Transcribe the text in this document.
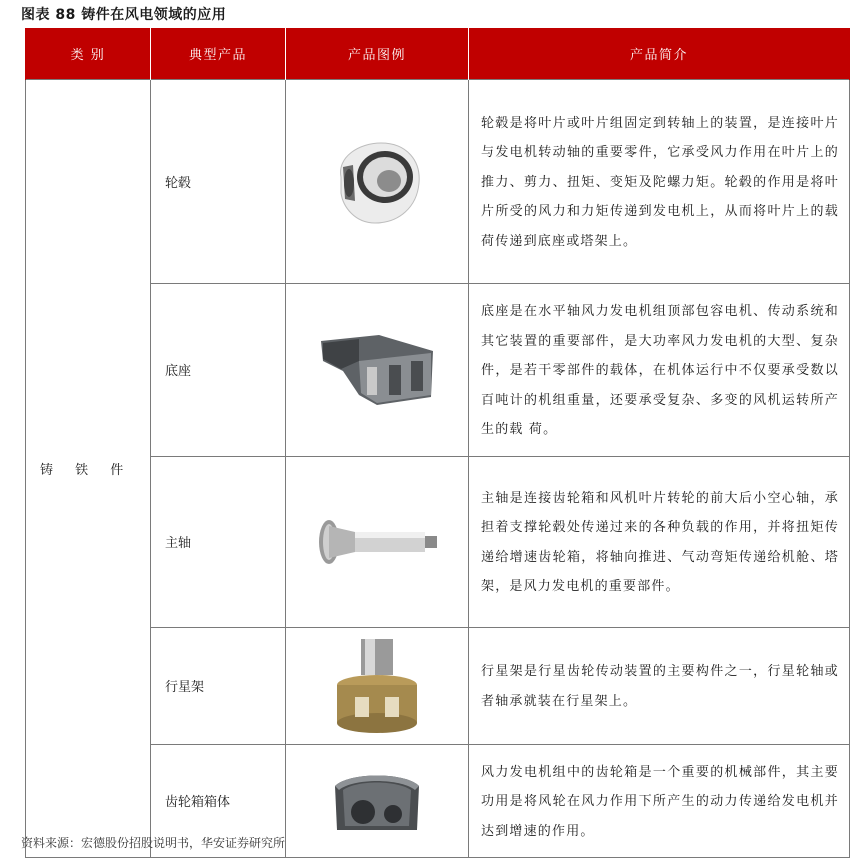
图表 88 铸件在风电领域的应用
类 别	典型产品	产品图例	产品简介
铸 铁 件	轮毂		轮毂是将叶片或叶片组固定到转轴上的装置，是连接叶片与发电机转动轴的重要零件，它承受风力作用在叶片上的推力、剪力、扭矩、变矩及陀螺力矩。轮毂的作用是将叶片所受的风力和力矩传递到发电机上，从而将叶片上的载荷传递到底座或塔架上。
	底座		底座是在水平轴风力发电机组顶部包容电机、传动系统和其它装置的重要部件，是大功率风力发电机的大型、复杂件，是若干零部件的载体，在机体运行中不仅要承受数以百吨计的机组重量，还要承受复杂、多变的风机运转所产生的载 荷。
	主轴		主轴是连接齿轮箱和风机叶片转轮的前大后小空心轴，承担着支撑轮毂处传递过来的各种负载的作用，并将扭矩传递给增速齿轮箱，将轴向推进、气动弯矩传递给机舱、塔架，是风力发电机的重要部件。
	行星架		行星架是行星齿轮传动装置的主要构件之一，行星轮轴或者轴承就装在行星架上。
	齿轮箱箱体		风力发电机组中的齿轮箱是一个重要的机械部件，其主要功用是将风轮在风力作用下所产生的动力传递给发电机并达到增速的作用。
资料来源：宏德股份招股说明书，华安证券研究所
